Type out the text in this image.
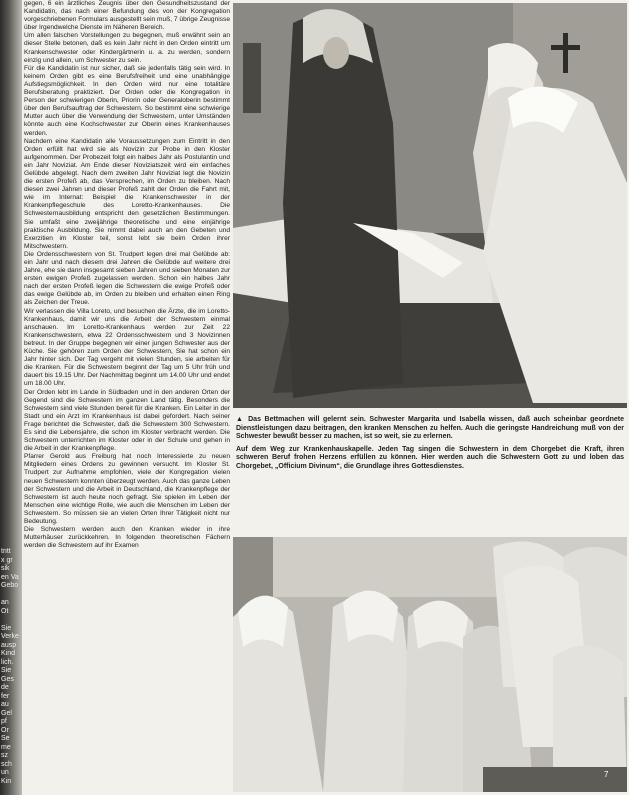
tritt
x gr
sik
en Va
Gebo

an
Ot

Sie
Verke
ausp
Kind
lich.
Sie
Ges
de
fer
au
Gel
pf
Or
Se
me
sz
sch
un
Kin

gegen, 6 ein ärztliches Zeugnis über den Gesundheitszustand der Kandidatin, das nach einer Befundung des von der Kongregation vorgeschriebenen Formulars ausgestellt sein muß, 7 übrige Zeugnisse über Irgendwelche Dienste im Näheren Bereich.

Um allen falschen Vorstellungen zu begegnen, muß erwähnt sein an dieser Stelle betonen, daß es kein Jahr nicht in den Orden eintritt um Krankenschwester oder Kindergärtnerin u. a. zu werden, sondern einzig und allein, um Schwester zu sein.

Für die Kandidatin ist nur sicher, daß sie jedenfalls tätig sein wird. In keinem Orden gibt es eine Berufsfreiheit und eine unabhängige Aufstiegsmöglichkeit. In den Orden wird nur eine totalitäre Berufsberatung praktiziert. Der Orden oder die Kongregation in Person der schwierigen Oberin, Priorin oder Generaloberin bestimmt über den Berufsauftrag der Schwestern. So bestimmt eine schwierige Mutter auch über die Verwendung der Schwestern, unter Umständen könnte auch eine Kochschwester zur Oberin eines Krankenhauses werden.

Nachdem eine Kandidatin alle Voraussetzungen zum Eintritt in den Orden erfüllt hat wird sie als Novizin zur Probe in den Kloster aufgenommen. Der Probezeit folgt ein halbes Jahr als Postulantin und ein Jahr Noviziat. Am Ende dieser Noviziatszeit wird ein einfaches Gelübde abgelegt. Nach dem zweiten Jahr Noviziat legt die Novizin die ersten Profeß ab, das Versprechen, im Orden zu bleiben. Nach diesen zwei Jahren und dieser Profeß zahlt der Orden die Fahrt mit, wie im Internat: Beispiel die Krankenschwester in der Krankenpflegeschule des Loretto-Krankenhauses. Die Schwesternausbildung entspricht den gesetzlichen Bestimmungen. Sie umfaßt eine zweijährige theoretische und eine einjährige praktische Ausbildung. Sie nimmt dabei auch an den Gebeten und Exerzitien im Kloster teil, sonst lebt sie beim Orden ihrer Mitschwestern.

Die Ordensschwestern von St. Trudpert legen drei mal Gelübde ab: ein Jahr und nach diesem drei Jahren die Gelübde auf weitere drei Jahre, ehe sie dann insgesamt sieben Jahren und sieben Monaten zur ersten ewigen Profeß zugelassen werden. Schon ein halbes Jahr nach der ersten Profeß legen die Schwestern die ewige Profeß oder das ewige Gelübde ab, im Orden zu bleiben und erhalten einen Ring als Zeichen der Treue.

Wir verlassen die Villa Loreto, und besuchen die Ärzte, die im Loretto-Krankenhaus, damit wir uns die Arbeit der Schwestern einmal anschauen. Im Loretto-Krankenhaus werden zur Zeit 22 Krankenschwestern, etwa 22 Ordensschwestern und 3 Novizinnen betreut. In der Gruppe begegnen wir einer jungen Schwester aus der Küche. Sie gehören zum Orden der Schwestern, Sie hat schon ein Jahr hinter sich. Der Tag vergeht mit vielen Stunden, sie arbeiten für die Kranken. Für die Schwestern beginnt der Tag um 5 Uhr früh und dauert bis 19.15 Uhr. Der Nachmittag beginnt um 14.00 Uhr und endet um 18.00 Uhr.

Der Orden lebt im Lande in Südbaden und in den anderen Orten der Gegend sind die Schwestern im ganzen Land tätig. Besonders die Schwestern sind viele Stunden bereit für die Kranken. Ein Leiter in der Stadt und ein Arzt im Krankenhaus ist dabei gefordert. Nach seiner Frage berichtet die Schwester, daß die Schwestern 300 Schwestern. Es sind die Lebensjahre, die schon im Kloster verbracht werden. Die Schwestern unterrichten im Kloster oder in der Schule und gehen in die Arbeit in der Krankenpflege.

Pfarrer Gerold aus Freiburg hat noch Interessierte zu neuen Mitgliedern eines Ordens zu gewinnen versucht. Im Kloster St. Trudpert zur Aufnahme empfohlen, viele der Kongregation vielen neuen Schwestern konnten überzeugt werden. Auch das ganze Leben der Schwestern und die Arbeit in Deutschland, die Krankenpflege der Schwestern ist auch heute noch gefragt. Sie spielen im Leben der Menschen eine wichtige Rolle, wie auch die Menschen im Leben der Schwestern. So müssen sie an vielen Orten Ihrer Tätigkeit nicht nur Bedeutung.

Die Schwestern werden auch den Kranken wieder in ihre Mutterhäuser zurückkehren. In folgenden theoretischen Fächern werden die Schwestern auf ihr Examen

▲ Das Bettmachen will gelernt sein. Schwester Margarita und Isabella wissen, daß auch scheinbar geordnete Dienstleistungen dazu beitragen, den kranken Menschen zu helfen. Auch die geringste Handreichung muß von der Schwester bewußt besser zu machen, ist so weit, sie zu erlernen.

Auf dem Weg zur Krankenhauskapelle. Jeden Tag singen die Schwestern in dem Chorgebet die Kraft, ihren schweren Beruf frohen Herzens erfüllen zu können. Hier werden auch die Schwestern Gott zu und loben das Chorgebet, „Officium Divinum“, die Grundlage ihres Gottesdienstes.

7
